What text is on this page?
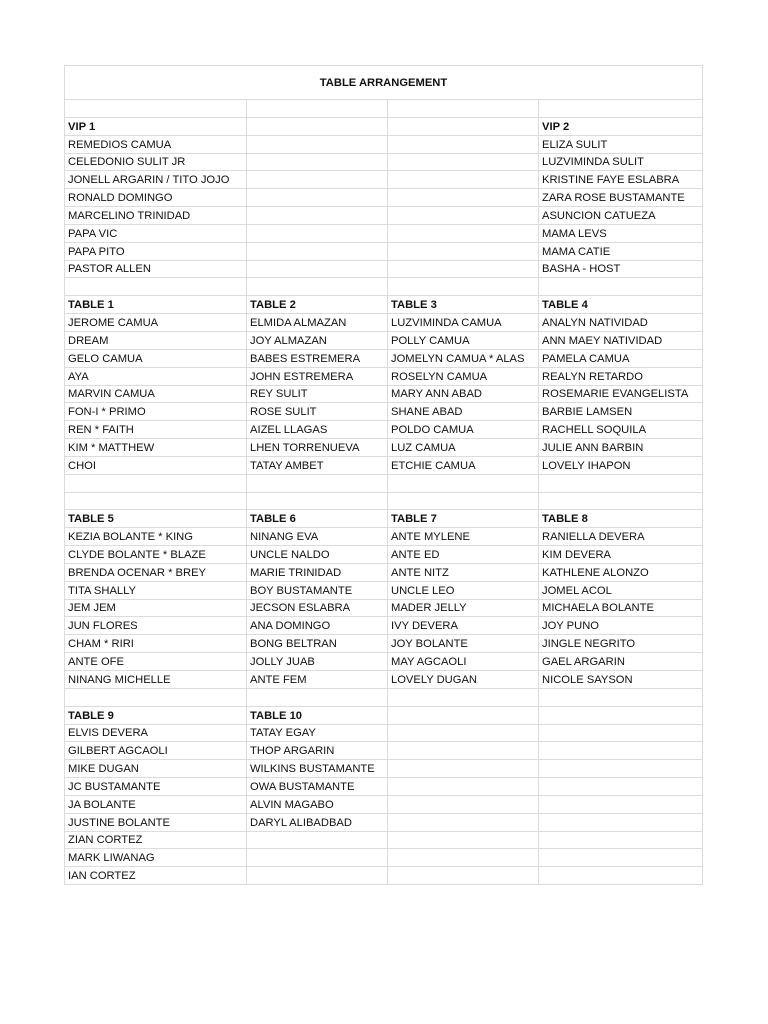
TABLE ARRANGEMENT			

VIP 1			VIP 2
REMEDIOS CAMUA			ELIZA SULIT
CELEDONIO SULIT JR			LUZVIMINDA SULIT
JONELL ARGARIN / TITO JOJO			KRISTINE FAYE ESLABRA
RONALD DOMINGO			ZARA ROSE BUSTAMANTE
MARCELINO TRINIDAD			ASUNCION CATUEZA
PAPA VIC			MAMA LEVS
PAPA PITO			MAMA CATIE
PASTOR ALLEN			BASHA - HOST

TABLE 1	TABLE 2	TABLE 3	TABLE 4
JEROME CAMUA	ELMIDA ALMAZAN	LUZVIMINDA CAMUA	ANALYN NATIVIDAD
DREAM	JOY ALMAZAN	POLLY CAMUA	ANN MAEY NATIVIDAD
GELO CAMUA	BABES ESTREMERA	JOMELYN CAMUA * ALAS	PAMELA CAMUA
AYA	JOHN ESTREMERA	ROSELYN CAMUA	REALYN RETARDO
MARVIN CAMUA	REY SULIT	MARY ANN ABAD	ROSEMARIE EVANGELISTA
FON-I * PRIMO	ROSE SULIT	SHANE ABAD	BARBIE LAMSEN
REN * FAITH	AIZEL LLAGAS	POLDO CAMUA	RACHELL SOQUILA
KIM * MATTHEW	LHEN TORRENUEVA	LUZ CAMUA	JULIE ANN BARBIN
CHOI	TATAY AMBET	ETCHIE CAMUA	LOVELY IHAPON

TABLE 5	TABLE 6	TABLE 7	TABLE 8
KEZIA BOLANTE * KING	NINANG EVA	ANTE MYLENE	RANIELLA DEVERA
CLYDE BOLANTE * BLAZE	UNCLE NALDO	ANTE ED	KIM DEVERA
BRENDA OCENAR * BREY	MARIE TRINIDAD	ANTE NITZ	KATHLENE ALONZO
TITA SHALLY	BOY BUSTAMANTE	UNCLE LEO	JOMEL ACOL
JEM JEM	JECSON ESLABRA	MADER JELLY	MICHAELA BOLANTE
JUN FLORES	ANA DOMINGO	IVY DEVERA	JOY PUNO
CHAM * RIRI	BONG BELTRAN	JOY BOLANTE	JINGLE NEGRITO
ANTE OFE	JOLLY JUAB	MAY AGCAOLI	GAEL ARGARIN
NINANG MICHELLE	ANTE FEM	LOVELY DUGAN	NICOLE SAYSON

TABLE 9	TABLE 10		
ELVIS DEVERA	TATAY EGAY		
GILBERT AGCAOLI	THOP ARGARIN		
MIKE DUGAN	WILKINS BUSTAMANTE		
JC BUSTAMANTE	OWA BUSTAMANTE		
JA BOLANTE	ALVIN MAGABO		
JUSTINE BOLANTE	DARYL ALIBADBAD		
ZIAN CORTEZ			
MARK LIWANAG			
IAN CORTEZ			
